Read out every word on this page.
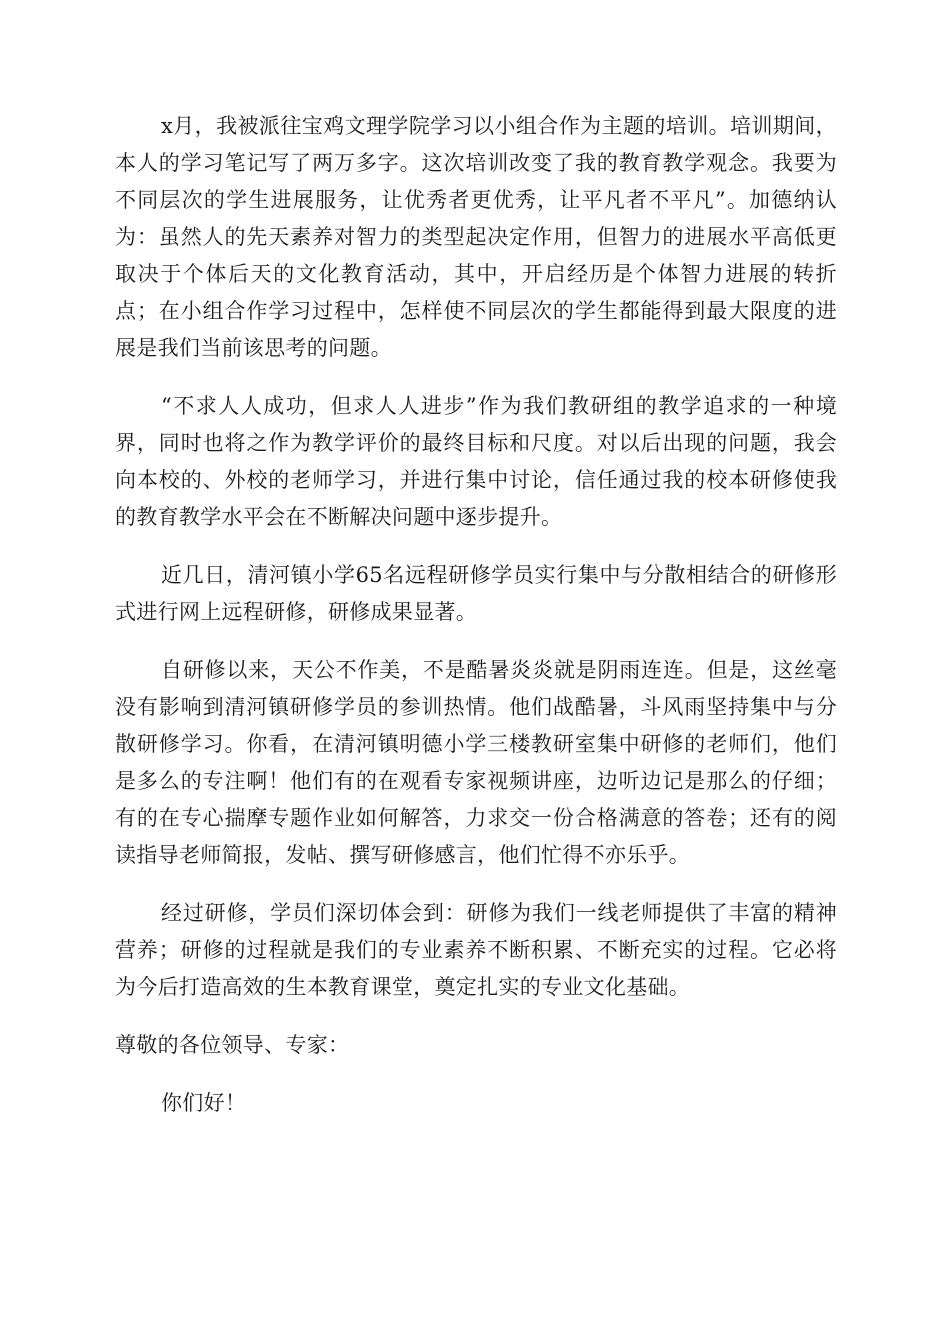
x月，我被派往宝鸡文理学院学习以小组合作为主题的培训。培训期间，本人的学习笔记写了两万多字。这次培训改变了我的教育教学观念。我要为不同层次的学生进展服务，让优秀者更优秀，让平凡者不平凡”。加德纳认为：虽然人的先天素养对智力的类型起决定作用，但智力的进展水平高低更取决于个体后天的文化教育活动，其中，开启经历是个体智力进展的转折点；在小组合作学习过程中，怎样使不同层次的学生都能得到最大限度的进展是我们当前该思考的问题。

“不求人人成功，但求人人进步”作为我们教研组的教学追求的一种境界，同时也将之作为教学评价的最终目标和尺度。对以后出现的问题，我会向本校的、外校的老师学习，并进行集中讨论，信任通过我的校本研修使我的教育教学水平会在不断解决问题中逐步提升。

近几日，清河镇小学65名远程研修学员实行集中与分散相结合的研修形式进行网上远程研修，研修成果显著。

自研修以来，天公不作美，不是酷暑炎炎就是阴雨连连。但是，这丝毫没有影响到清河镇研修学员的参训热情。他们战酷暑，斗风雨坚持集中与分散研修学习。你看，在清河镇明德小学三楼教研室集中研修的老师们，他们是多么的专注啊！他们有的在观看专家视频讲座，边听边记是那么的仔细；有的在专心揣摩专题作业如何解答，力求交一份合格满意的答卷；还有的阅读指导老师简报，发帖、撰写研修感言，他们忙得不亦乐乎。

经过研修，学员们深切体会到：研修为我们一线老师提供了丰富的精神营养；研修的过程就是我们的专业素养不断积累、不断充实的过程。它必将为今后打造高效的生本教育课堂，奠定扎实的专业文化基础。

尊敬的各位领导、专家：

你们好！
